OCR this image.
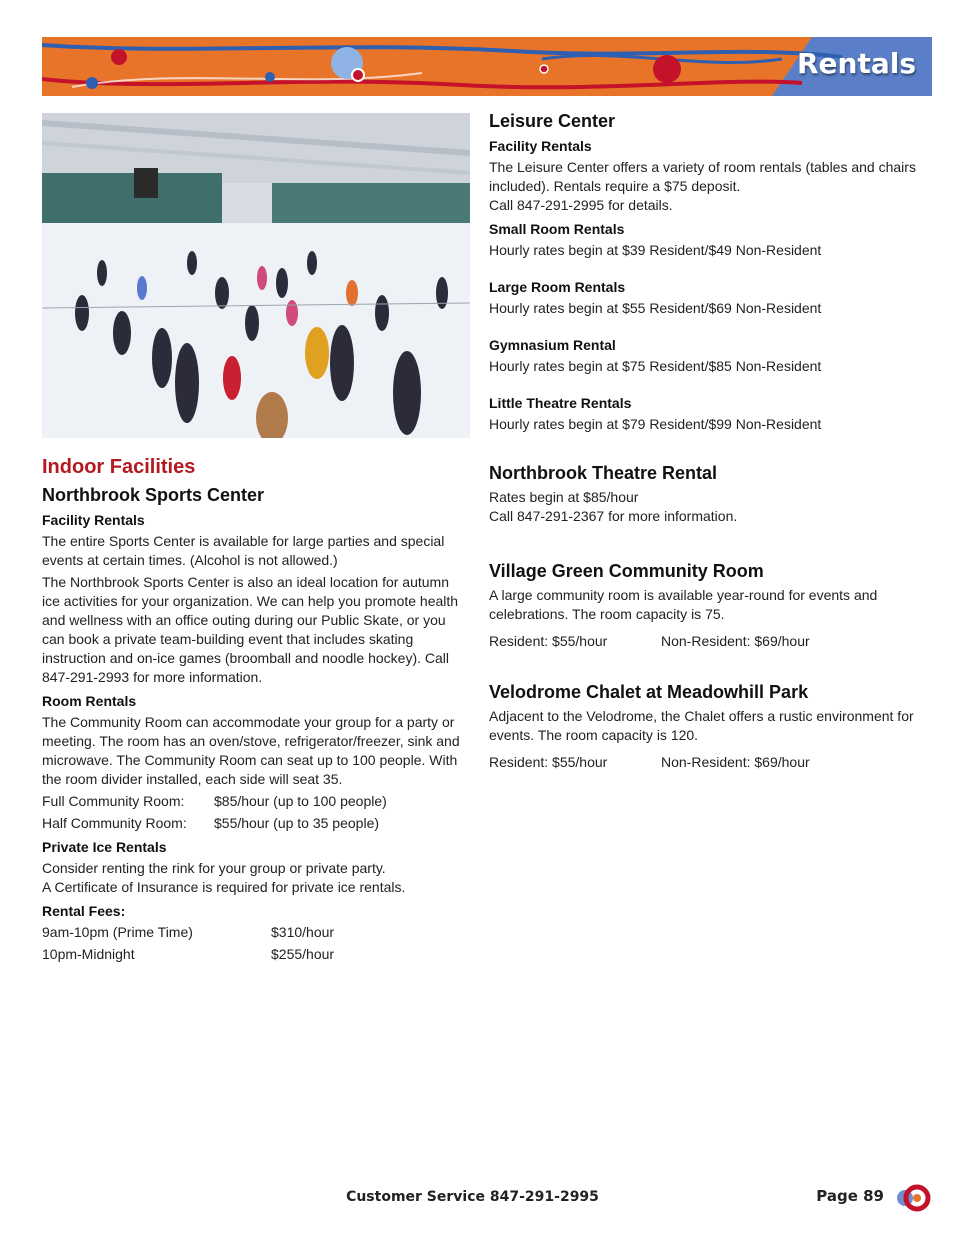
Rentals
Indoor Facilities
Northbrook Sports Center
Facility Rentals

The entire Sports Center is available for large parties and special events at certain times. (Alcohol is not allowed.)

The Northbrook Sports Center is also an ideal location for autumn ice activities for your organization. We can help you promote health and wellness with an office outing during our Public Skate, or you can book a private team-building event that includes skating instruction and on-ice games (broomball and noodle hockey). Call 847-291-2993 for more information.

Room Rentals

The Community Room can accommodate your group for a party or meeting. The room has an oven/stove, refrigerator/freezer, sink and microwave. The Community Room can seat up to 100 people. With the room divider installed, each side will seat 35.

Full Community Room:	$85/hour (up to 100 people)
Half Community Room:	$55/hour (up to 35 people)
Private Ice Rentals

Consider renting the rink for your group or private party.

A Certificate of Insurance is required for private ice rentals.

Rental Fees:
9am-10pm (Prime Time)	$310/hour
10pm-Midnight	$255/hour
Leisure Center
Facility Rentals

The Leisure Center offers a variety of room rentals (tables and chairs included). Rentals require a $75 deposit.

Call 847-291-2995 for details.

Small Room Rentals

Hourly rates begin at $39 Resident/$49 Non-Resident

Large Room Rentals

Hourly rates begin at $55 Resident/$69 Non-Resident

Gymnasium Rental

Hourly rates begin at $75 Resident/$85 Non-Resident

Little Theatre Rentals

Hourly rates begin at $79 Resident/$99 Non-Resident

Northbrook Theatre Rental

Rates begin at $85/hour

Call 847-291-2367 for more information.

Village Green Community Room

A large community room is available year-round for events and celebrations. The room capacity is 75.

Resident: $55/hour	Non-Resident: $69/hour
Velodrome Chalet at Meadowhill Park

Adjacent to the Velodrome, the Chalet offers a rustic environment for events. The room capacity is 120.

Resident: $55/hour	Non-Resident: $69/hour
Customer Service 847-291-2995	Page 89
